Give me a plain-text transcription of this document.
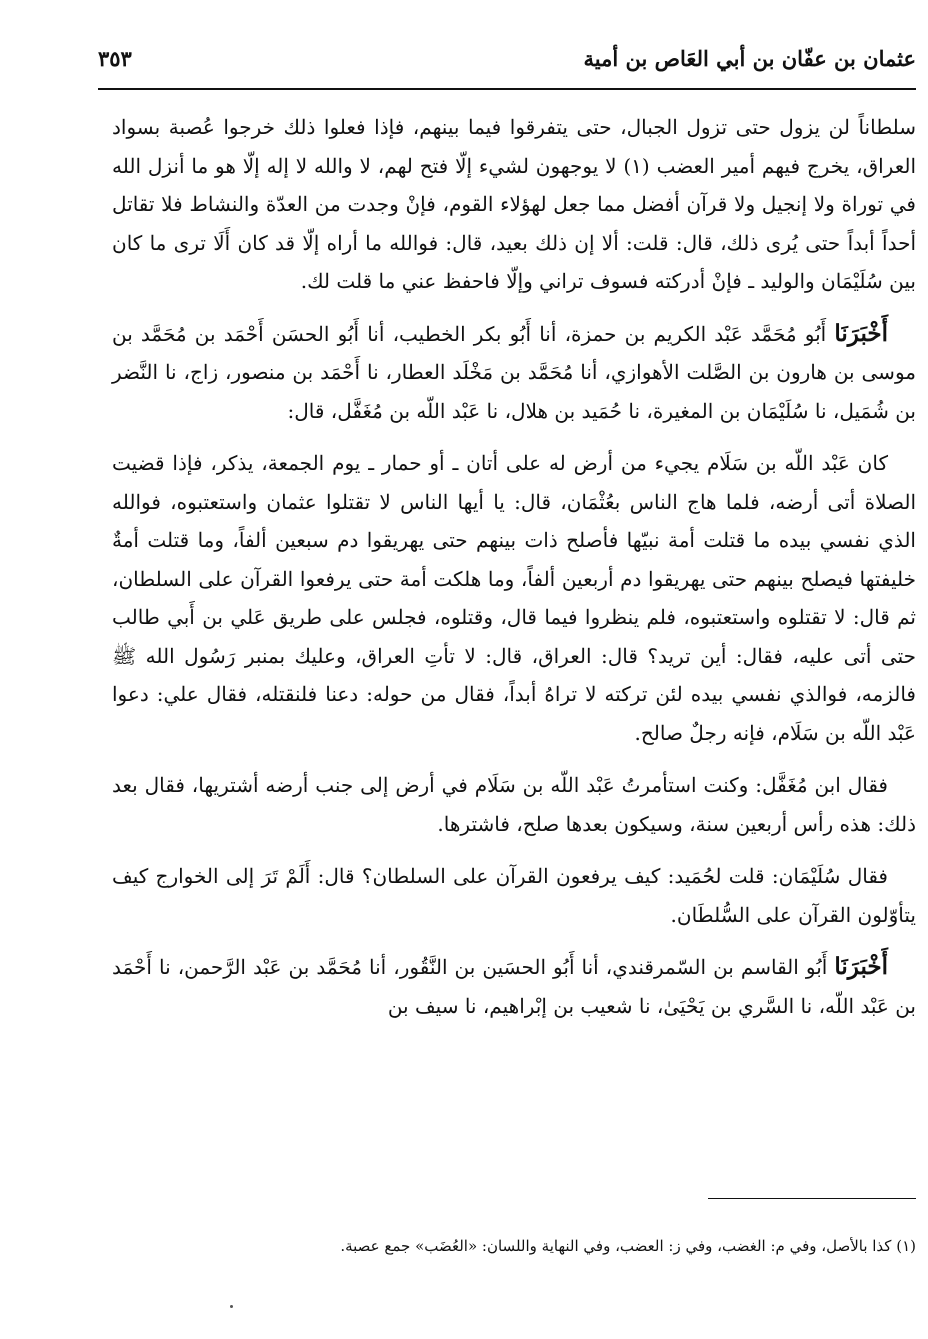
عثمان بن عفّان بن أبي العَاص بن أمية
٣٥٣

سلطاناً لن يزول حتى تزول الجبال، حتى يتفرقوا فيما بينهم، فإذا فعلوا ذلك خرجوا عُصبة بسواد العراق، يخرج فيهم أمير العضب (١) لا يوجهون لشيء إلّا فتح لهم، لا والله لا إله إلّا هو ما أنزل الله في توراة ولا إنجيل ولا قرآن أفضل مما جعل لهؤلاء القوم، فإنْ وجدت من العدّة والنشاط فلا تقاتل أحداً أبداً حتى يُرى ذلك، قال: قلت: ألا إن ذلك بعيد، قال: فوالله ما أراه إلّا قد كان أَلَا ترى ما كان بين سُلَيْمَان والوليد ـ فإنْ أدركته فسوف تراني وإلّا فاحفظ عني ما قلت لك.

أَخْبَرَنَا أَبُو مُحَمَّد عَبْد الكريم بن حمزة، أنا أَبُو بكر الخطيب، أنا أَبُو الحسَن أَحْمَد بن مُحَمَّد بن موسى بن هارون بن الصَّلت الأهوازي، أنا مُحَمَّد بن مَخْلَد العطار، نا أَحْمَد بن منصور، زاج، نا النَّضر بن شُمَيل، نا سُلَيْمَان بن المغيرة، نا حُمَيد بن هلال، نا عَبْد اللّه بن مُغَفَّل، قال:

كان عَبْد اللّه بن سَلَام يجيء من أرض له على أتان ـ أو حمار ـ يوم الجمعة، يذكر، فإذا قضيت الصلاة أتى أرضه، فلما هاج الناس بعُثْمَان، قال: يا أيها الناس لا تقتلوا عثمان واستعتبوه، فوالله الذي نفسي بيده ما قتلت أمة نبيّها فأصلح ذات بينهم حتى يهريقوا دم سبعين ألفاً، وما قتلت أمةٌ خليفتها فيصلح بينهم حتى يهريقوا دم أربعين ألفاً، وما هلكت أمة حتى يرفعوا القرآن على السلطان، ثم قال: لا تقتلوه واستعتبوه، فلم ينظروا فيما قال، وقتلوه، فجلس على طريق عَلي بن أَبي طالب حتى أتى عليه، فقال: أين تريد؟ قال: العراق، قال: لا تأتِ العراق، وعليك بمنبر رَسُول الله ﷺ فالزمه، فوالذي نفسي بيده لئن تركته لا تراهُ أبداً، فقال من حوله: دعنا فلنقتله، فقال علي: دعوا عَبْد اللّه بن سَلَام، فإنه رجلٌ صالح.

فقال ابن مُغَفَّل: وكنت استأمرتُ عَبْد اللّه بن سَلَام في أرض إلى جنب أرضه أشتريها، فقال بعد ذلك: هذه رأس أربعين سنة، وسيكون بعدها صلح، فاشترها.

فقال سُلَيْمَان: قلت لحُمَيد: كيف يرفعون القرآن على السلطان؟ قال: أَلَمْ تَرَ إلى الخوارج كيف يتأوّلون القرآن على السُّلطَان.

أَخْبَرَنَا أَبُو القاسم بن السّمرقندي، أنا أَبُو الحسَين بن النَّقُور، أنا مُحَمَّد بن عَبْد الرَّحمن، نا أَحْمَد بن عَبْد اللّه، نا السَّري بن يَحْيَىٰ، نا شعيب بن إبْراهيم، نا سيف بن

(١) كذا بالأصل، وفي م: الغضب، وفي ز: العضب، وفي النهاية واللسان: «العُضَب» جمع عصبة.
